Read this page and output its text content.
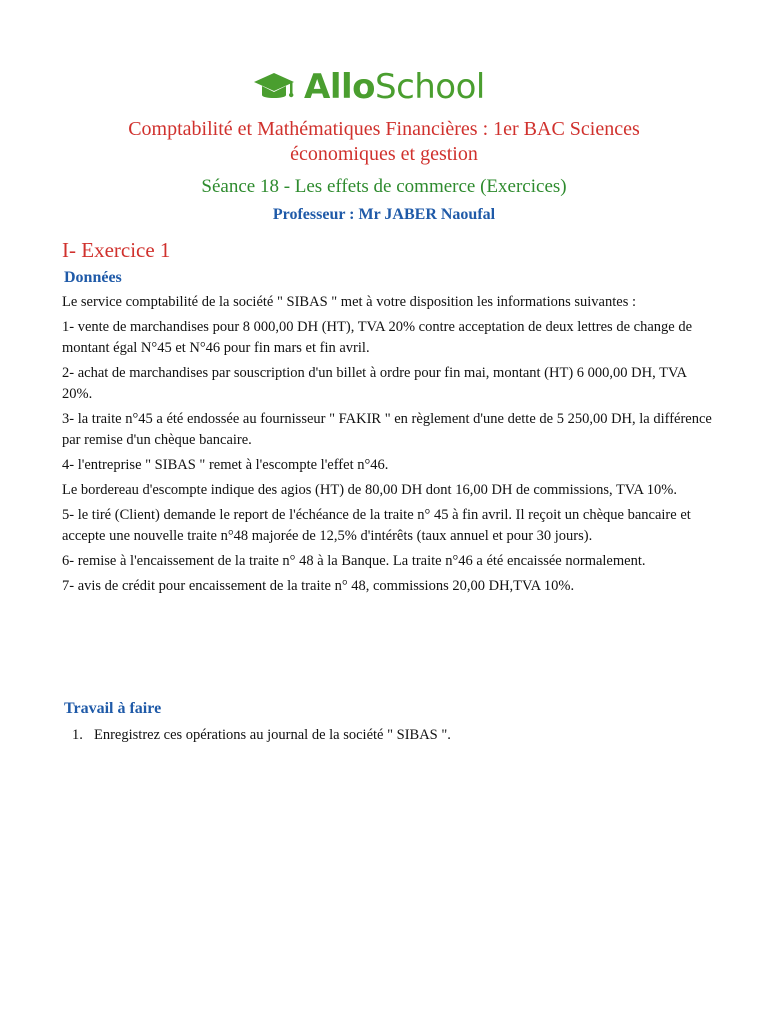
AlloSchool
Comptabilité et Mathématiques Financières : 1er BAC Sciences
économiques et gestion
Séance 18 - Les effets de commerce (Exercices)
Professeur : Mr JABER Naoufal
I- Exercice 1
Données

Le service comptabilité de la société " SIBAS " met à votre disposition les informations suivantes :

1- vente de marchandises pour 8 000,00 DH (HT), TVA 20% contre acceptation de deux lettres de change de montant égal N°45 et N°46 pour fin mars et fin avril.

2- achat de marchandises par souscription d'un billet à ordre pour fin mai, montant (HT) 6 000,00 DH, TVA 20%.

3- la traite n°45 a été endossée au fournisseur " FAKIR " en règlement d'une dette de 5 250,00 DH, la différence par remise d'un chèque bancaire.

4- l'entreprise " SIBAS " remet à l'escompte l'effet n°46.

Le bordereau d'escompte indique des agios (HT) de 80,00 DH dont 16,00 DH de commissions, TVA 10%.

5- le tiré (Client) demande le report de l'échéance de la traite n° 45 à fin avril. Il reçoit un chèque bancaire et accepte une nouvelle traite n°48 majorée de 12,5% d'intérêts (taux annuel et pour 30 jours).

6- remise à l'encaissement de la traite n° 48 à la Banque. La traite n°46 a été encaissée normalement.

7- avis de crédit pour encaissement de la traite n° 48, commissions 20,00 DH,TVA 10%.

Travail à faire
1. Enregistrez ces opérations au journal de la société " SIBAS ".
